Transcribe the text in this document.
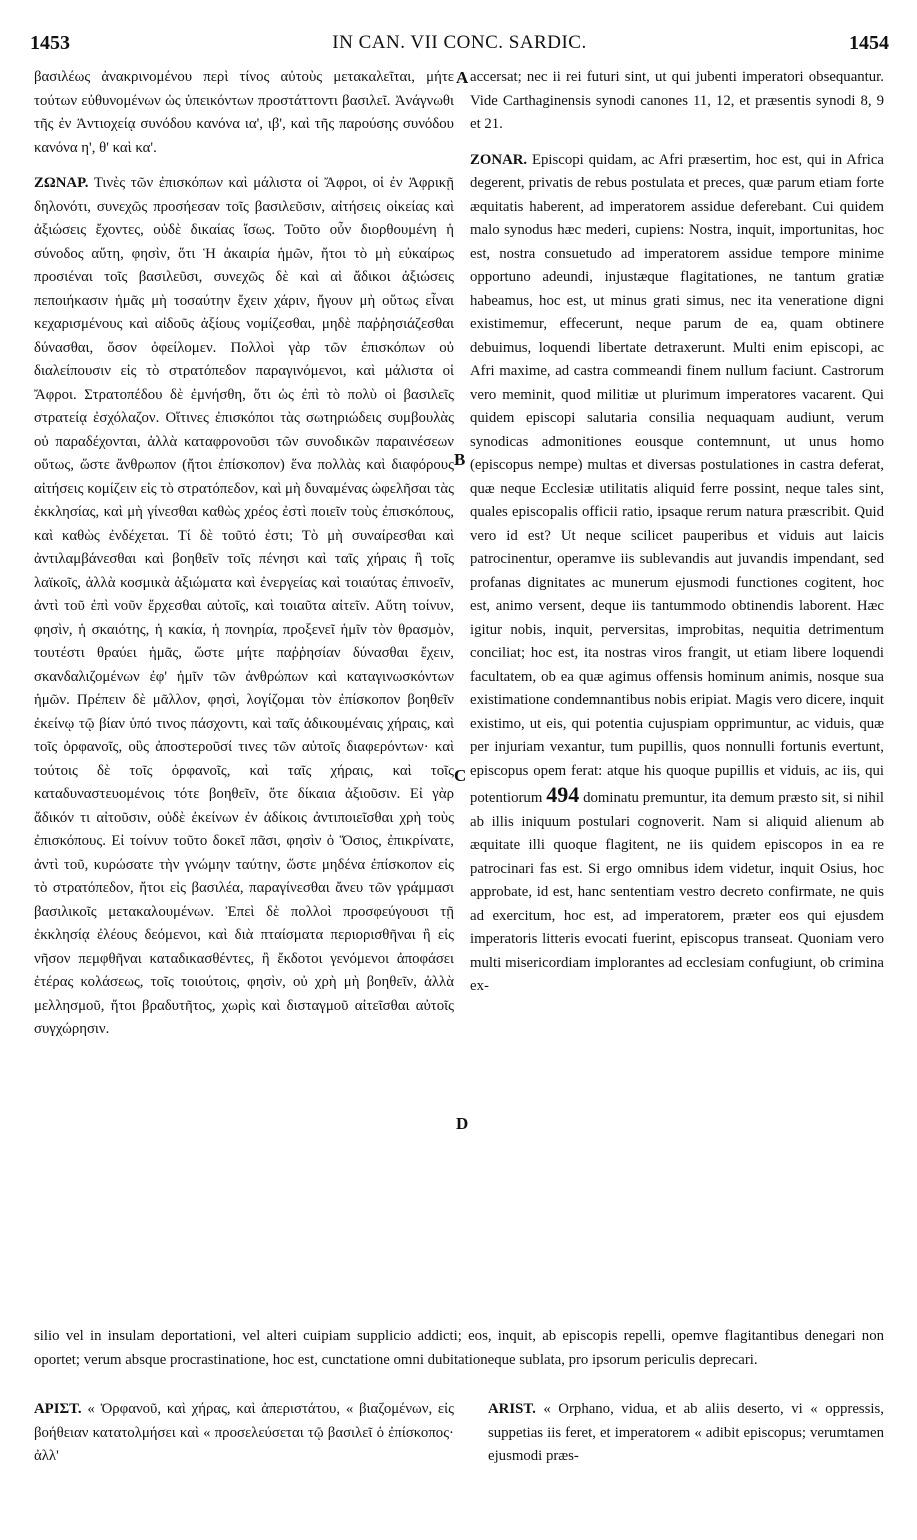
1453	IN CAN. VII CONC. SARDIC.	1454

βασιλέως ἀνακρινομένου περὶ τίνος αὐτοὺς μετακαλεῖται, μήτε τούτων εὐθυνομένων ὡς ὑπεικόντων προστάττοντι βασιλεῖ. Ἀνάγνωθι τῆς ἐν Ἀντιοχείᾳ συνόδου κανόνα ια', ιβ', καὶ τῆς παρούσης συνόδου κανόνα η', θ' καὶ κα'.

ΖΩΝΑΡ. Τινὲς τῶν ἐπισκόπων καὶ μάλιστα οἱ Ἄφροι, οἱ ἐν Ἀφρικῇ δηλονότι, συνεχῶς προσήεσαν τοῖς βασιλεῦσιν, αἰτήσεις οἰκείας καὶ ἀξιώσεις ἔχοντες, οὐδὲ δικαίας ἴσως. Τοῦτο οὖν διορθουμένη ἡ σύνοδος αὕτη, φησὶν, ὅτι Ἡ ἀκαιρία ἡμῶν, ἤτοι τὸ μὴ εὐκαίρως προσιέναι τοῖς βασιλεῦσι, συνεχῶς δὲ καὶ αἱ ἄδικοι ἀξιώσεις πεποιήκασιν ἡμᾶς μὴ τοσαύτην ἔχειν χάριν, ἤγουν μὴ οὕτως εἶναι κεχαρισμένους καὶ αἰδοῦς ἀξίους νομίζεσθαι, μηδὲ παῤῥησιάζεσθαι δύνασθαι, ὅσον ὀφείλομεν. Πολλοὶ γὰρ τῶν ἐπισκόπων οὐ διαλείπουσιν εἰς τὸ στρατόπεδον παραγινόμενοι, καὶ μάλιστα οἱ Ἄφροι. Στρατοπέδου δὲ ἐμνήσθη, ὅτι ὡς ἐπὶ τὸ πολὺ οἱ βασιλεῖς στρατείᾳ ἐσχόλαζον. Οἵτινες ἐπισκόποι τὰς σωτηριώδεις συμβουλὰς οὐ παραδέχονται, ἀλλὰ καταφρονοῦσι τῶν συνοδικῶν παραινέσεων οὕτως, ὥστε ἄνθρωπον (ἤτοι ἐπίσκοπον) ἕνα πολλὰς καὶ διαφόρους αἰτήσεις κομίζειν εἰς τὸ στρατόπεδον, καὶ μὴ δυναμένας ὠφελῆσαι τὰς ἐκκλησίας, καὶ μὴ γίνεσθαι καθὼς χρέος ἐστὶ ποιεῖν τοὺς ἐπισκόπους, καὶ καθὼς ἐνδέχεται. Τί δὲ τοῦτό ἐστι; Τὸ μὴ συναίρεσθαι καὶ ἀντιλαμβάνεσθαι καὶ βοηθεῖν τοῖς πένησι καὶ ταῖς χήραις ἢ τοῖς λαϊκοῖς, ἀλλὰ κοσμικὰ ἀξιώματα καὶ ἐνεργείας καὶ τοιαύτας ἐπινοεῖν, ἀντὶ τοῦ ἐπὶ νοῦν ἔρχεσθαι αὐτοῖς, καὶ τοιαῦτα αἰτεῖν. Αὕτη τοίνυν, φησὶν, ἡ σκαιότης, ἡ κακία, ἡ πονηρία, προξενεῖ ἡμῖν τὸν θρασμὸν, τουτέστι θραύει ἡμᾶς, ὥστε μήτε παῤῥησίαν δύνασθαι ἔχειν, σκανδαλιζομένων ἐφ' ἡμῖν τῶν ἀνθρώπων καὶ καταγινωσκόντων ἡμῶν. Πρέπειν δὲ μᾶλλον, φησὶ, λογίζομαι τὸν ἐπίσκοπον βοηθεῖν ἐκείνῳ τῷ βίαν ὑπό τινος πάσχοντι, καὶ ταῖς ἀδικουμέναις χήραις, καὶ τοῖς ὀρφανοῖς, οὓς ἀποστεροῦσί τινες τῶν αὐτοῖς διαφερόντων· καὶ τούτοις δὲ τοῖς ὀρφανοῖς, καὶ ταῖς χήραις, καὶ τοῖς καταδυναστευομένοις τότε βοηθεῖν, ὅτε δίκαια ἀξιοῦσιν. Εἰ γὰρ ἄδικόν τι αἰτοῦσιν, οὐδὲ ἐκείνων ἐν ἀδίκοις ἀντιποιεῖσθαι χρὴ τοὺς ἐπισκόπους. Εἰ τοίνυν τοῦτο δοκεῖ πᾶσι, φησὶν ὁ Ὅσιος, ἐπικρίνατε, ἀντὶ τοῦ, κυρώσατε τὴν γνώμην ταύτην, ὥστε μηδένα ἐπίσκοπον εἰς τὸ στρατόπεδον, ἤτοι εἰς βασιλέα, παραγίνεσθαι ἄνευ τῶν γράμμασι βασιλικοῖς μετακαλουμένων. Ἐπεὶ δὲ πολλοὶ προσφεύγουσι τῇ ἐκκλησίᾳ ἐλέους δεόμενοι, καὶ διὰ πταίσματα περιορισθῆναι ἢ εἰς νῆσον πεμφθῆναι καταδικασθέντες, ἢ ἔκδοτοι γενόμενοι ἀποφάσει ἑτέρας κολάσεως, τοῖς τοιούτοις, φησὶν, οὐ χρὴ μὴ βοηθεῖν, ἀλλὰ μελλησμοῦ, ἤτοι βραδυτῆτος, χωρὶς καὶ δισταγμοῦ αἰτεῖσθαι αὐτοῖς συγχώρησιν.

A
B
C
D

accersat; nec ii rei futuri sint, ut qui jubenti imperatori obsequantur. Vide Carthaginensis synodi canones 11, 12, et præsentis synodi 8, 9 et 21.

ZONAR. Episcopi quidam, ac Afri præsertim, hoc est, qui in Africa degerent, privatis de rebus postulata et preces, quæ parum etiam forte æquitatis haberent, ad imperatorem assidue deferebant. Cui quidem malo synodus hæc mederi, cupiens: Nostra, inquit, importunitas, hoc est, nostra consuetudo ad imperatorem assidue tempore minime opportuno adeundi, injustæque flagitationes, ne tantum gratiæ habeamus, hoc est, ut minus grati simus, nec ita veneratione digni existimemur, effecerunt, neque parum de ea, quam obtinere debuimus, loquendi libertate detraxerunt. Multi enim episcopi, ac Afri maxime, ad castra commeandi finem nullum faciunt. Castrorum vero meminit, quod militiæ ut plurimum imperatores vacarent. Qui quidem episcopi salutaria consilia nequaquam audiunt, verum synodicas admonitiones eousque contemnunt, ut unus homo (episcopus nempe) multas et diversas postulationes in castra deferat, quæ neque Ecclesiæ utilitatis aliquid ferre possint, neque tales sint, quales episcopalis officii ratio, ipsaque rerum natura præscribit. Quid vero id est? Ut neque scilicet pauperibus et viduis aut laicis patrocinentur, operamve iis sublevandis aut juvandis impendant, sed profanas dignitates ac munerum ejusmodi functiones cogitent, hoc est, animo versent, deque iis tantummodo obtinendis laborent. Hæc igitur nobis, inquit, perversitas, improbitas, nequitia detrimentum conciliat; hoc est, ita nostras viros frangit, ut etiam libere loquendi facultatem, ob ea quæ agimus offensis hominum animis, nosque sua existimatione condemnantibus nobis eripiat. Magis vero dicere, inquit existimo, ut eis, qui potentia cujuspiam opprimuntur, ac viduis, quæ per injuriam vexantur, tum pupillis, quos nonnulli fortunis evertunt, episcopus opem ferat: atque his quoque pupillis et viduis, ac iis, qui potentiorum 494 dominatu premuntur, ita demum præsto sit, si nihil ab illis iniquum postulari cognoverit. Nam si aliquid alienum ab æquitate illi quoque flagitent, ne iis quidem episcopos in ea re patrocinari fas est. Si ergo omnibus idem videtur, inquit Osius, hoc approbate, id est, hanc sententiam vestro decreto confirmate, ne quis ad exercitum, hoc est, ad imperatorem, præter eos qui ejusdem imperatoris litteris evocati fuerint, episcopus transeat. Quoniam vero multi misericordiam implorantes ad ecclesiam confugiunt, ob crimina ex-

silio vel in insulam deportationi, vel alteri cuipiam supplicio addicti; eos, inquit, ab episcopis repelli, opemve flagitantibus denegari non oportet; verum absque procrastinatione, hoc est, cunctatione omni dubitationeque sublata, pro ipsorum periculis deprecari.

ΑΡΙΣΤ. « Ὀρφανοῦ, καὶ χήρας, καὶ ἀπεριστάτου, « βιαζομένων, εἰς βοήθειαν κατατολμήσει καὶ « προσελεύσεται τῷ βασιλεῖ ὁ ἐπίσκοπος· ἀλλ'

ARIST. « Orphano, vidua, et ab aliis deserto, vi « oppressis, suppetias iis feret, et imperatorem « adibit episcopus; verumtamen ejusmodi præs-
